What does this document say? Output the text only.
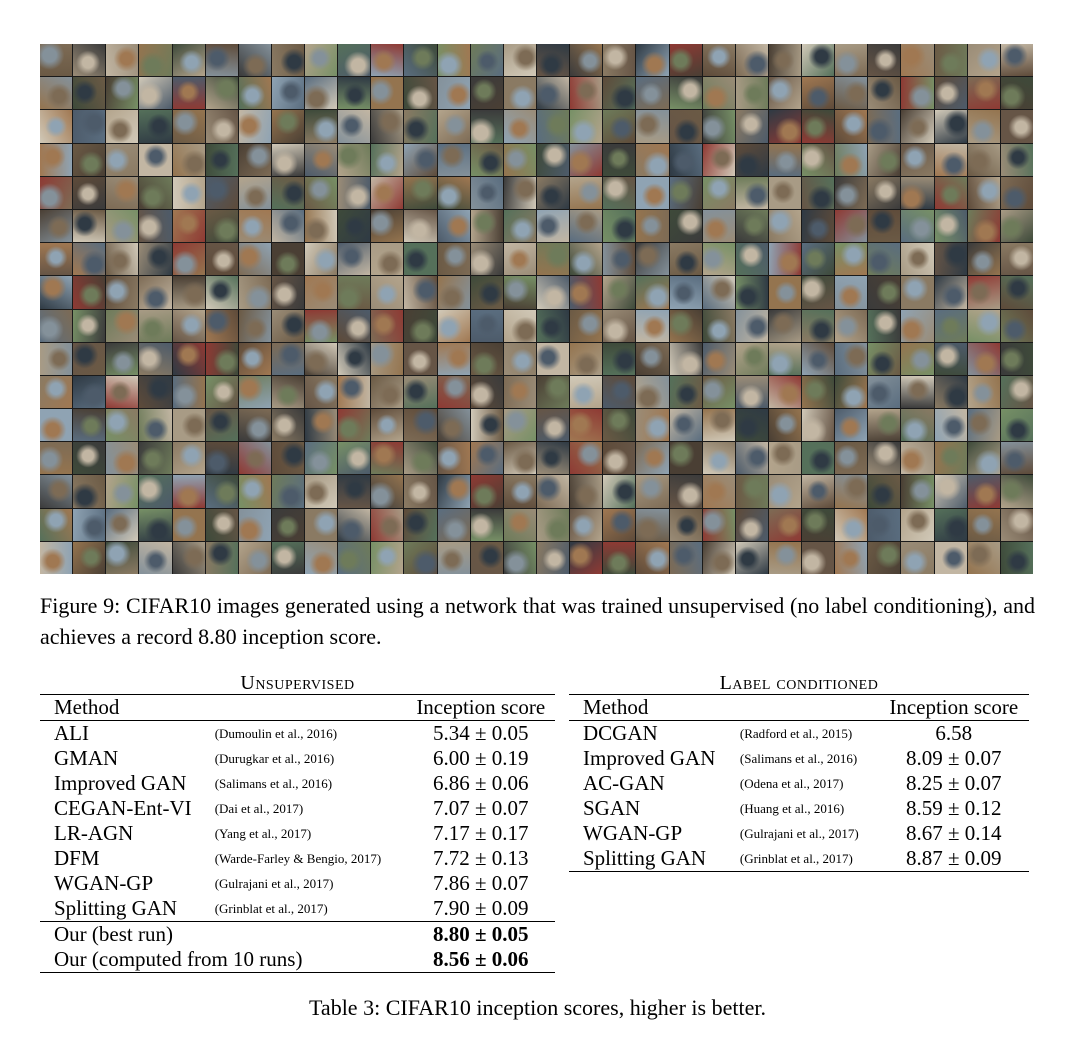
Figure 9: CIFAR10 images generated using a network that was trained unsupervised (no label conditioning), and achieves a record 8.80 inception score.
Unsupervised		
Method		Inception score
ALI	(Dumoulin et al., 2016)	5.34 ± 0.05
GMAN	(Durugkar et al., 2016)	6.00 ± 0.19
Improved GAN	(Salimans et al., 2016)	6.86 ± 0.06
CEGAN-Ent-VI	(Dai et al., 2017)	7.07 ± 0.07
LR-AGN	(Yang et al., 2017)	7.17 ± 0.17
DFM	(Warde-Farley & Bengio, 2017)	7.72 ± 0.13
WGAN-GP	(Gulrajani et al., 2017)	7.86 ± 0.07
Splitting GAN	(Grinblat et al., 2017)	7.90 ± 0.09
Our (best run)		8.80 ± 0.05
Our (computed from 10 runs)		8.56 ± 0.06
Label conditioned		
Method		Inception score
DCGAN	(Radford et al., 2015)	6.58
Improved GAN	(Salimans et al., 2016)	8.09 ± 0.07
AC-GAN	(Odena et al., 2017)	8.25 ± 0.07
SGAN	(Huang et al., 2016)	8.59 ± 0.12
WGAN-GP	(Gulrajani et al., 2017)	8.67 ± 0.14
Splitting GAN	(Grinblat et al., 2017)	8.87 ± 0.09
Table 3: CIFAR10 inception scores, higher is better.
